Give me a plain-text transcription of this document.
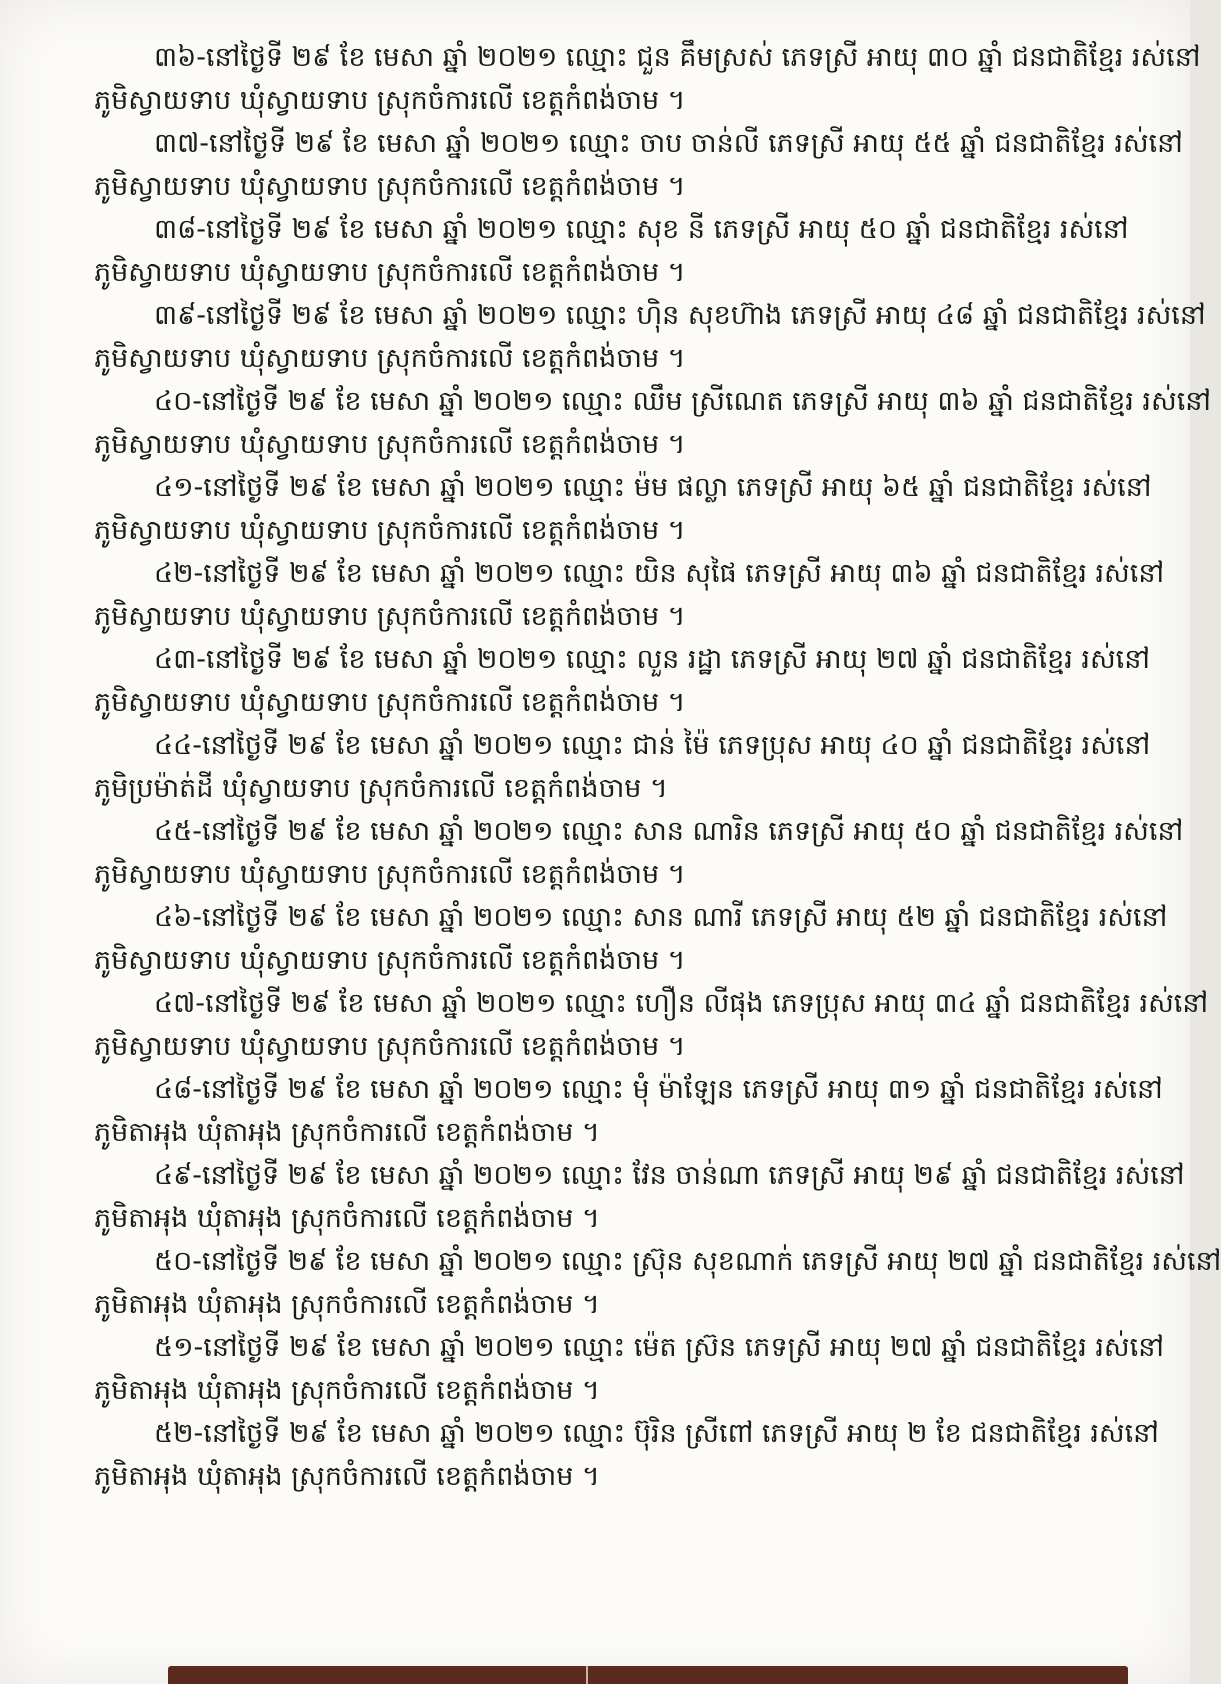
៣៦-នៅថ្ងៃទី ២៩ ខែ មេសា ឆ្នាំ ២០២១ ឈ្មោះ ជួន គឹមស្រស់ ភេទស្រី អាយុ ៣០ ឆ្នាំ ជនជាតិខ្មែរ រស់នៅ
ភូមិស្វាយទាប ឃុំស្វាយទាប ស្រុកចំការលើ ខេត្តកំពង់ចាម ។

៣៧-នៅថ្ងៃទី ២៩ ខែ មេសា ឆ្នាំ ២០២១ ឈ្មោះ ចាប ចាន់លី ភេទស្រី អាយុ ៥៥ ឆ្នាំ ជនជាតិខ្មែរ រស់នៅ
ភូមិស្វាយទាប ឃុំស្វាយទាប ស្រុកចំការលើ ខេត្តកំពង់ចាម ។

៣៨-នៅថ្ងៃទី ២៩ ខែ មេសា ឆ្នាំ ២០២១ ឈ្មោះ សុខ នី ភេទស្រី អាយុ ៥០ ឆ្នាំ ជនជាតិខ្មែរ រស់នៅ
ភូមិស្វាយទាប ឃុំស្វាយទាប ស្រុកចំការលើ ខេត្តកំពង់ចាម ។

៣៩-នៅថ្ងៃទី ២៩ ខែ មេសា ឆ្នាំ ២០២១ ឈ្មោះ ហ៊ិន សុខហ៊ាង ភេទស្រី អាយុ ៤៨ ឆ្នាំ ជនជាតិខ្មែរ រស់នៅ
ភូមិស្វាយទាប ឃុំស្វាយទាប ស្រុកចំការលើ ខេត្តកំពង់ចាម ។

៤០-នៅថ្ងៃទី ២៩ ខែ មេសា ឆ្នាំ ២០២១ ឈ្មោះ ឈឹម ស្រីណេត ភេទស្រី អាយុ ៣៦ ឆ្នាំ ជនជាតិខ្មែរ រស់នៅ
ភូមិស្វាយទាប ឃុំស្វាយទាប ស្រុកចំការលើ ខេត្តកំពង់ចាម ។

៤១-នៅថ្ងៃទី ២៩ ខែ មេសា ឆ្នាំ ២០២១ ឈ្មោះ ម៉ម ផល្លា ភេទស្រី អាយុ ៦៥ ឆ្នាំ ជនជាតិខ្មែរ រស់នៅ
ភូមិស្វាយទាប ឃុំស្វាយទាប ស្រុកចំការលើ ខេត្តកំពង់ចាម ។

៤២-នៅថ្ងៃទី ២៩ ខែ មេសា ឆ្នាំ ២០២១ ឈ្មោះ យិន សុផៃ ភេទស្រី អាយុ ៣៦ ឆ្នាំ ជនជាតិខ្មែរ រស់នៅ
ភូមិស្វាយទាប ឃុំស្វាយទាប ស្រុកចំការលើ ខេត្តកំពង់ចាម ។

៤៣-នៅថ្ងៃទី ២៩ ខែ មេសា ឆ្នាំ ២០២១ ឈ្មោះ លួន រដ្ឋា ភេទស្រី អាយុ ២៧ ឆ្នាំ ជនជាតិខ្មែរ រស់នៅ
ភូមិស្វាយទាប ឃុំស្វាយទាប ស្រុកចំការលើ ខេត្តកំពង់ចាម ។

៤៤-នៅថ្ងៃទី ២៩ ខែ មេសា ឆ្នាំ ២០២១ ឈ្មោះ ជាន់ ម៉ៃ ភេទប្រុស អាយុ ៤០ ឆ្នាំ ជនជាតិខ្មែរ រស់នៅ
ភូមិប្រម៉ាត់ដី ឃុំស្វាយទាប ស្រុកចំការលើ ខេត្តកំពង់ចាម ។

៤៥-នៅថ្ងៃទី ២៩ ខែ មេសា ឆ្នាំ ២០២១ ឈ្មោះ សាន ណារិន ភេទស្រី អាយុ ៥០ ឆ្នាំ ជនជាតិខ្មែរ រស់នៅ
ភូមិស្វាយទាប ឃុំស្វាយទាប ស្រុកចំការលើ ខេត្តកំពង់ចាម ។

៤៦-នៅថ្ងៃទី ២៩ ខែ មេសា ឆ្នាំ ២០២១ ឈ្មោះ សាន ណារី ភេទស្រី អាយុ ៥២ ឆ្នាំ ជនជាតិខ្មែរ រស់នៅ
ភូមិស្វាយទាប ឃុំស្វាយទាប ស្រុកចំការលើ ខេត្តកំពង់ចាម ។

៤៧-នៅថ្ងៃទី ២៩ ខែ មេសា ឆ្នាំ ២០២១ ឈ្មោះ ហឿន លីផុង ភេទប្រុស អាយុ ៣៤ ឆ្នាំ ជនជាតិខ្មែរ រស់នៅ
ភូមិស្វាយទាប ឃុំស្វាយទាប ស្រុកចំការលើ ខេត្តកំពង់ចាម ។

៤៨-នៅថ្ងៃទី ២៩ ខែ មេសា ឆ្នាំ ២០២១ ឈ្មោះ មុំ ម៉ាឡែន ភេទស្រី អាយុ ៣១ ឆ្នាំ ជនជាតិខ្មែរ រស់នៅ
ភូមិតាអុង ឃុំតាអុង ស្រុកចំការលើ ខេត្តកំពង់ចាម ។

៤៩-នៅថ្ងៃទី ២៩ ខែ មេសា ឆ្នាំ ២០២១ ឈ្មោះ វែន ចាន់ណា ភេទស្រី អាយុ ២៩ ឆ្នាំ ជនជាតិខ្មែរ រស់នៅ
ភូមិតាអុង ឃុំតាអុង ស្រុកចំការលើ ខេត្តកំពង់ចាម ។

៥០-នៅថ្ងៃទី ២៩ ខែ មេសា ឆ្នាំ ២០២១ ឈ្មោះ ស្រ៊ុន សុខណាក់ ភេទស្រី អាយុ ២៧ ឆ្នាំ ជនជាតិខ្មែរ រស់នៅ
ភូមិតាអុង ឃុំតាអុង ស្រុកចំការលើ ខេត្តកំពង់ចាម ។

៥១-នៅថ្ងៃទី ២៩ ខែ មេសា ឆ្នាំ ២០២១ ឈ្មោះ ម៉េត ស្រ៊ន ភេទស្រី អាយុ ២៧ ឆ្នាំ ជនជាតិខ្មែរ រស់នៅ
ភូមិតាអុង ឃុំតាអុង ស្រុកចំការលើ ខេត្តកំពង់ចាម ។

៥២-នៅថ្ងៃទី ២៩ ខែ មេសា ឆ្នាំ ២០២១ ឈ្មោះ ប៊ុរិន ស្រីពៅ ភេទស្រី អាយុ ២ ខែ ជនជាតិខ្មែរ រស់នៅ
ភូមិតាអុង ឃុំតាអុង ស្រុកចំការលើ ខេត្តកំពង់ចាម ។
